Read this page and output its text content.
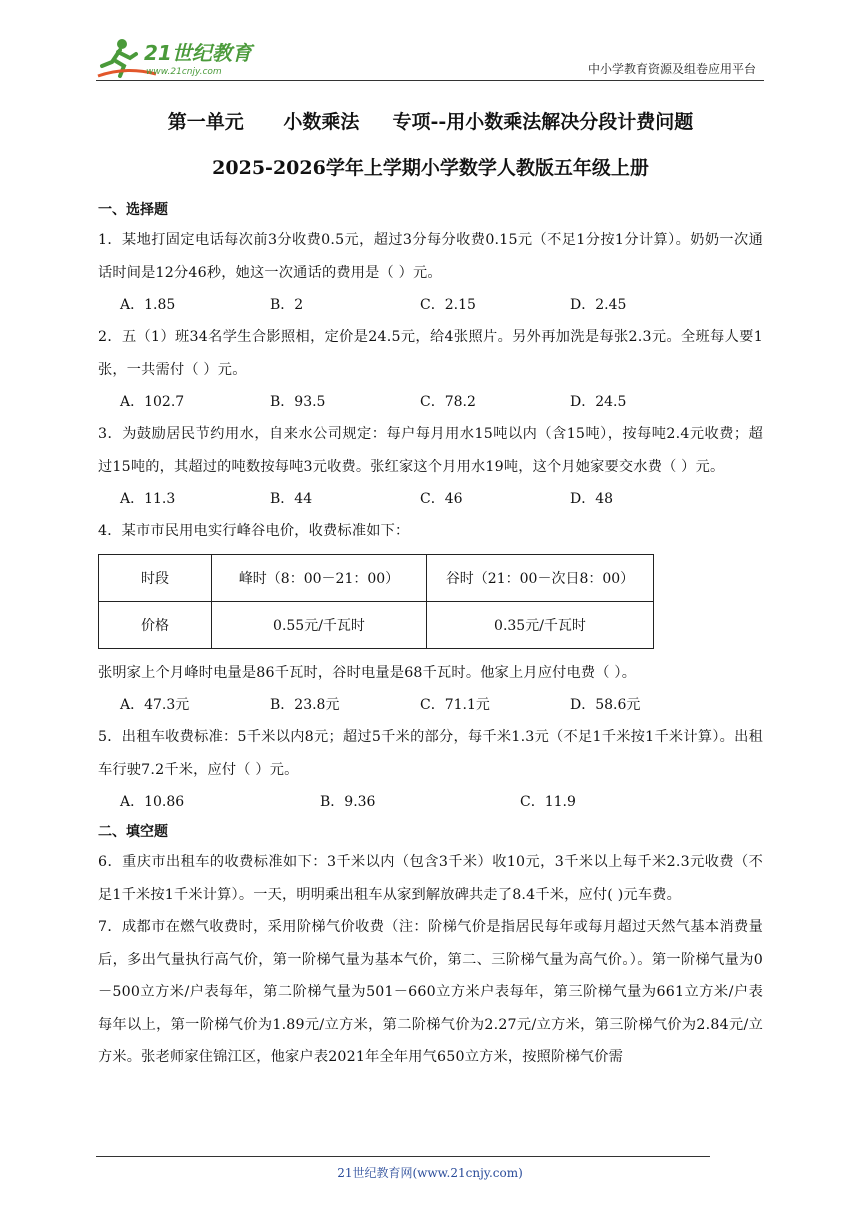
21世纪教育
www.21cnjy.com	中小学教育资源及组卷应用平台
第一单元      小数乘法     专项--用小数乘法解决分段计费问题
2025-2026学年上学期小学数学人教版五年级上册
一、选择题
1．某地打固定电话每次前3分收费0.5元，超过3分每分收费0.15元（不足1分按1分计算）。奶奶一次通话时间是12分46秒，她这一次通话的费用是（ ）元。
A．1.85	B．2	C．2.15	D．2.45
2．五（1）班34名学生合影照相，定价是24.5元，给4张照片。另外再加洗是每张2.3元。全班每人要1张，一共需付（ ）元。
A．102.7	B．93.5	C．78.2	D．24.5
3．为鼓励居民节约用水，自来水公司规定：每户每月用水15吨以内（含15吨），按每吨2.4元收费；超过15吨的，其超过的吨数按每吨3元收费。张红家这个月用水19吨，这个月她家要交水费（ ）元。
A．11.3	B．44	C．46	D．48
4．某市市民用电实行峰谷电价，收费标准如下：
时段	峰时（8：00－21：00）	谷时（21：00－次日8：00）
价格	0.55元/千瓦时	0.35元/千瓦时
张明家上个月峰时电量是86千瓦时，谷时电量是68千瓦时。他家上月应付电费（ ）。
A．47.3元	B．23.8元	C．71.1元	D．58.6元
5．出租车收费标准：5千米以内8元；超过5千米的部分，每千米1.3元（不足1千米按1千米计算）。出租车行驶7.2千米，应付（ ）元。
A．10.86	B．9.36	C．11.9
二、填空题
6．重庆市出租车的收费标准如下：3千米以内（包含3千米）收10元，3千米以上每千米2.3元收费（不足1千米按1千米计算）。一天，明明乘出租车从家到解放碑共走了8.4千米，应付( )元车费。
7．成都市在燃气收费时，采用阶梯气价收费（注：阶梯气价是指居民每年或每月超过天然气基本消费量后，多出气量执行高气价，第一阶梯气量为基本气价，第二、三阶梯气量为高气价。）。第一阶梯气量为0－500立方米/户表每年，第二阶梯气量为501－660立方米户表每年，第三阶梯气量为661立方米/户表每年以上，第一阶梯气价为1.89元/立方米，第二阶梯气价为2.27元/立方米，第三阶梯气价为2.84元/立方米。张老师家住锦江区，他家户表2021年全年用气650立方米，按照阶梯气价需
21世纪教育网(www.21cnjy.com)
